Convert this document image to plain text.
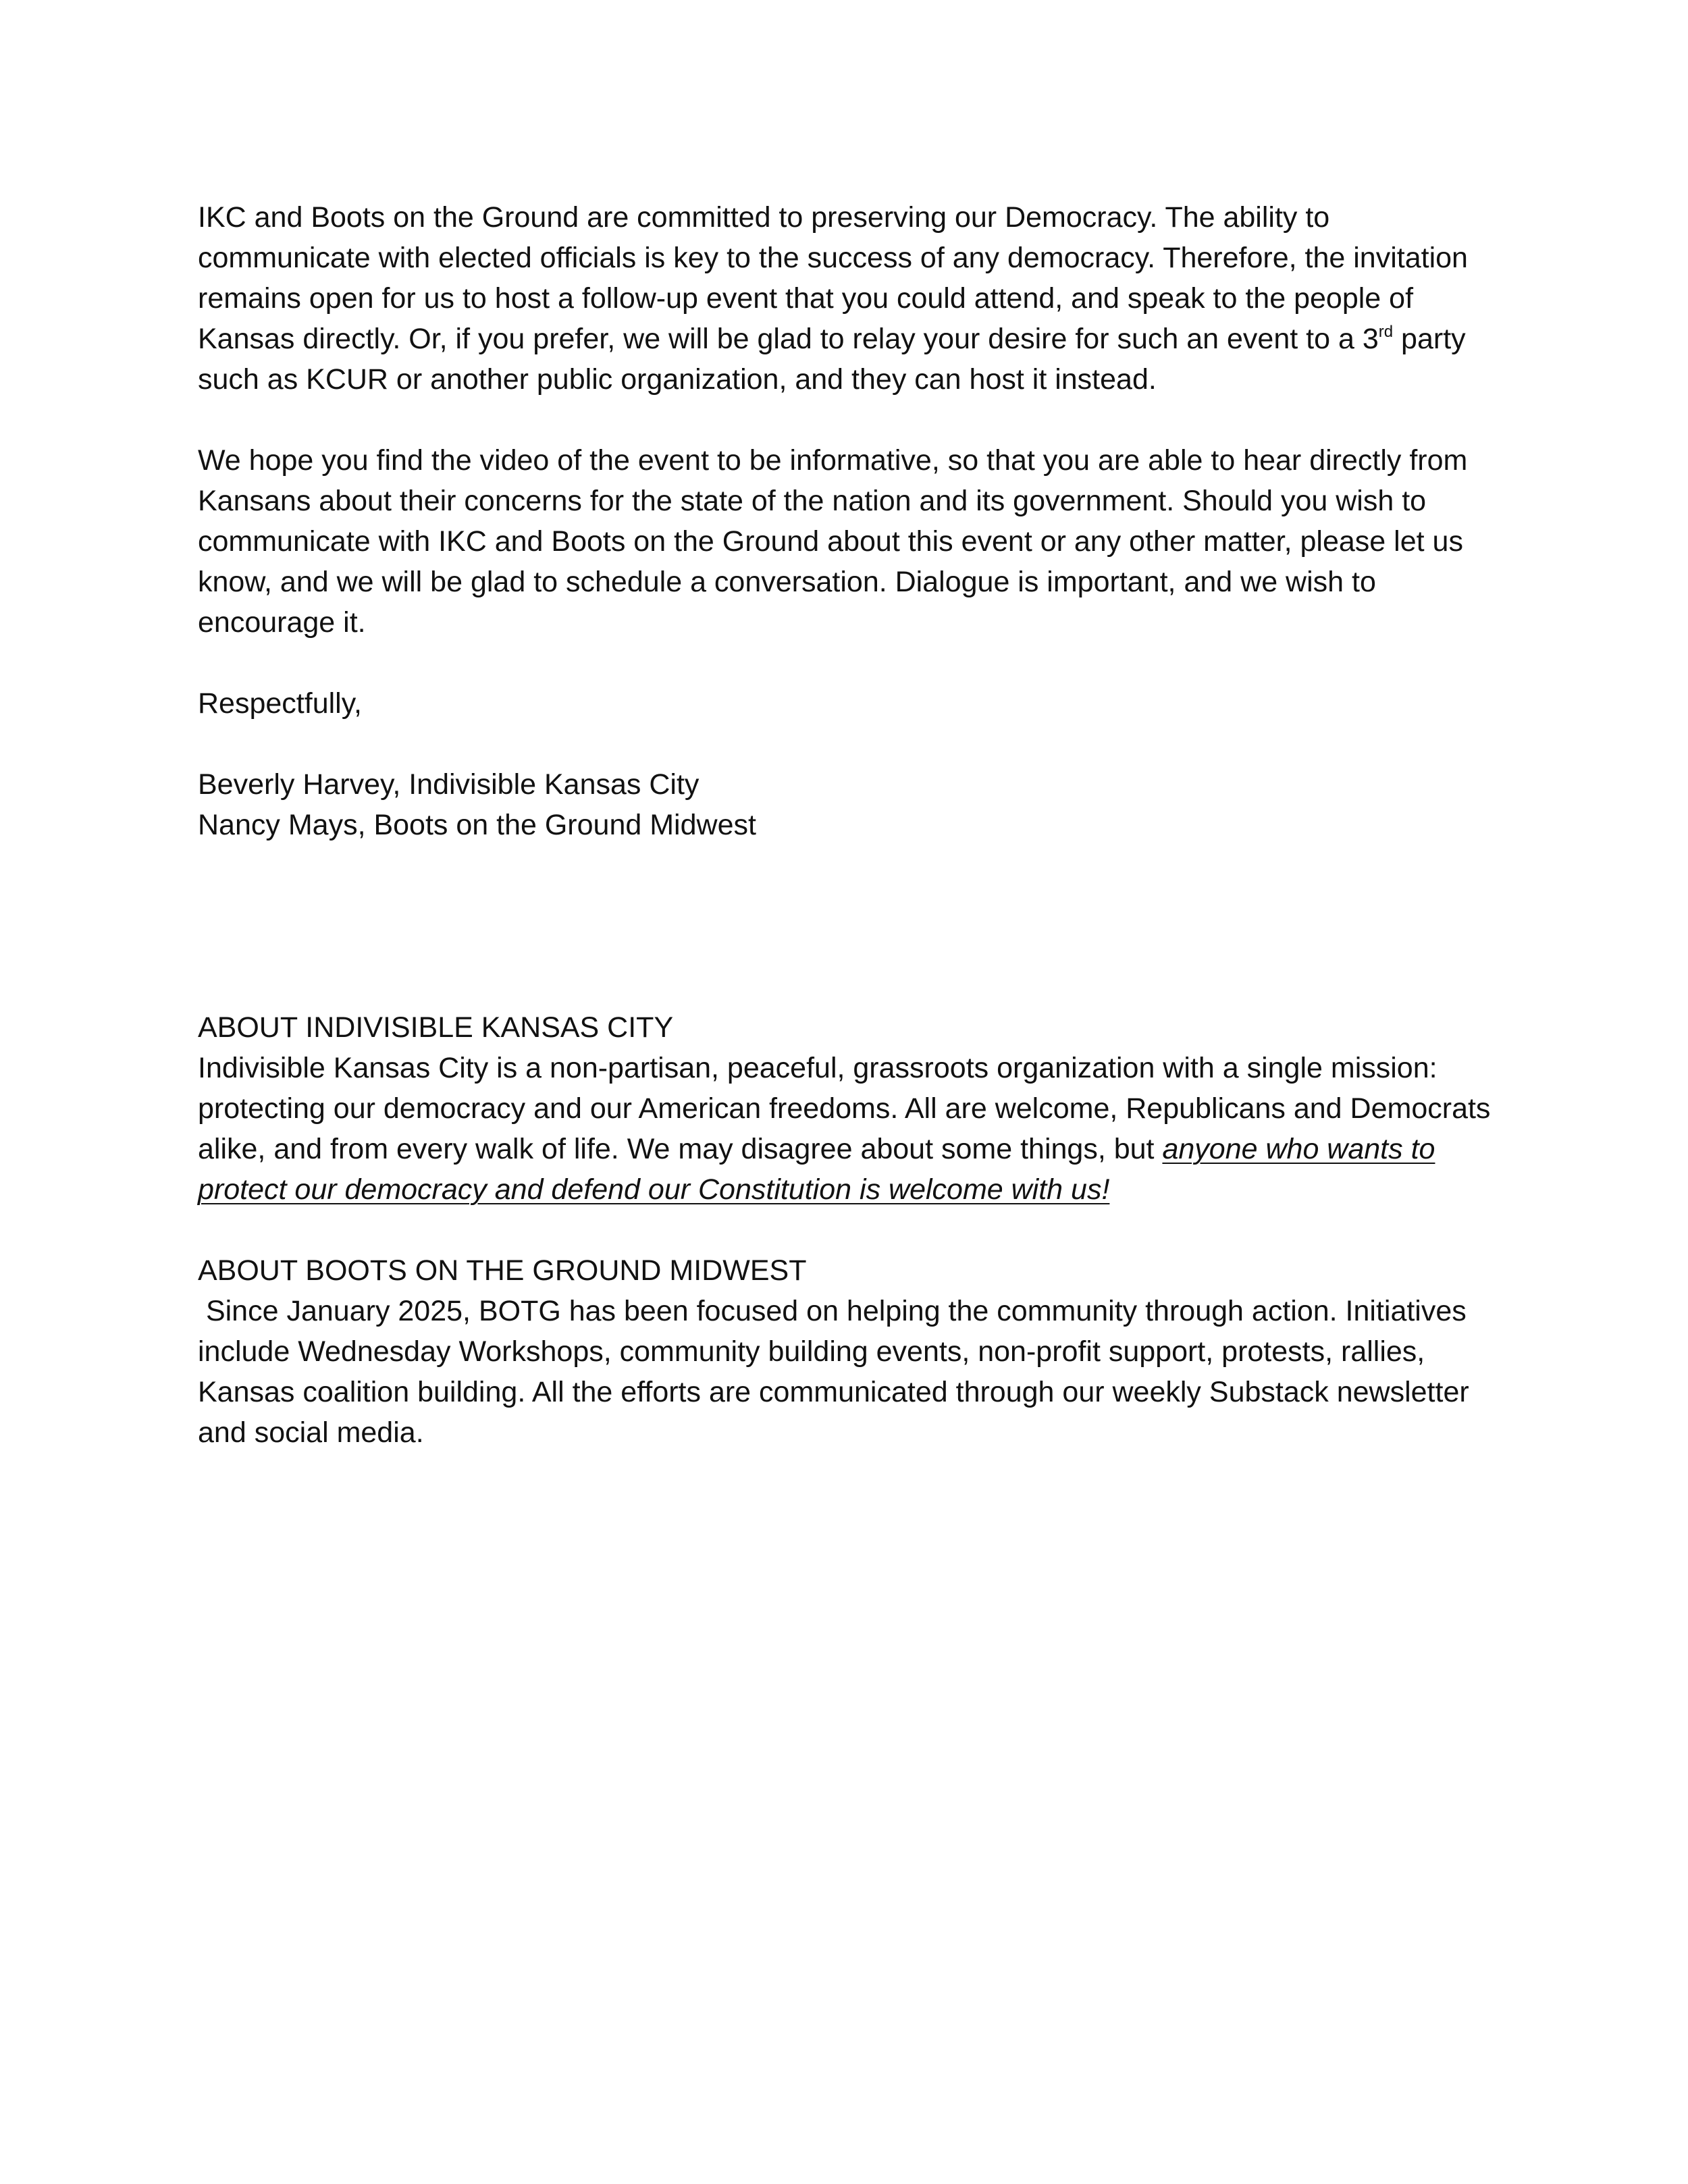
IKC and Boots on the Ground are committed to preserving our Democracy. The ability to communicate with elected officials is key to the success of any democracy. Therefore, the invitation remains open for us to host a follow-up event that you could attend, and speak to the people of Kansas directly. Or, if you prefer, we will be glad to relay your desire for such an event to a 3rd party such as KCUR or another public organization, and they can host it instead.

We hope you find the video of the event to be informative, so that you are able to hear directly from Kansans about their concerns for the state of the nation and its government. Should you wish to communicate with IKC and Boots on the Ground about this event or any other matter, please let us know, and we will be glad to schedule a conversation. Dialogue is important, and we wish to encourage it.

Respectfully,

Beverly Harvey, Indivisible Kansas City

Nancy Mays, Boots on the Ground Midwest

ABOUT INDIVISIBLE KANSAS CITY

Indivisible Kansas City is a non-partisan, peaceful, grassroots organization with a single mission: protecting our democracy and our American freedoms. All are welcome, Republicans and Democrats alike, and from every walk of life. We may disagree about some things, but anyone who wants to protect our democracy and defend our Constitution is welcome with us!

ABOUT BOOTS ON THE GROUND MIDWEST

Since January 2025, BOTG has been focused on helping the community through action. Initiatives include Wednesday Workshops, community building events, non-profit support, protests, rallies, Kansas coalition building. All the efforts are communicated through our weekly Substack newsletter and social media.
